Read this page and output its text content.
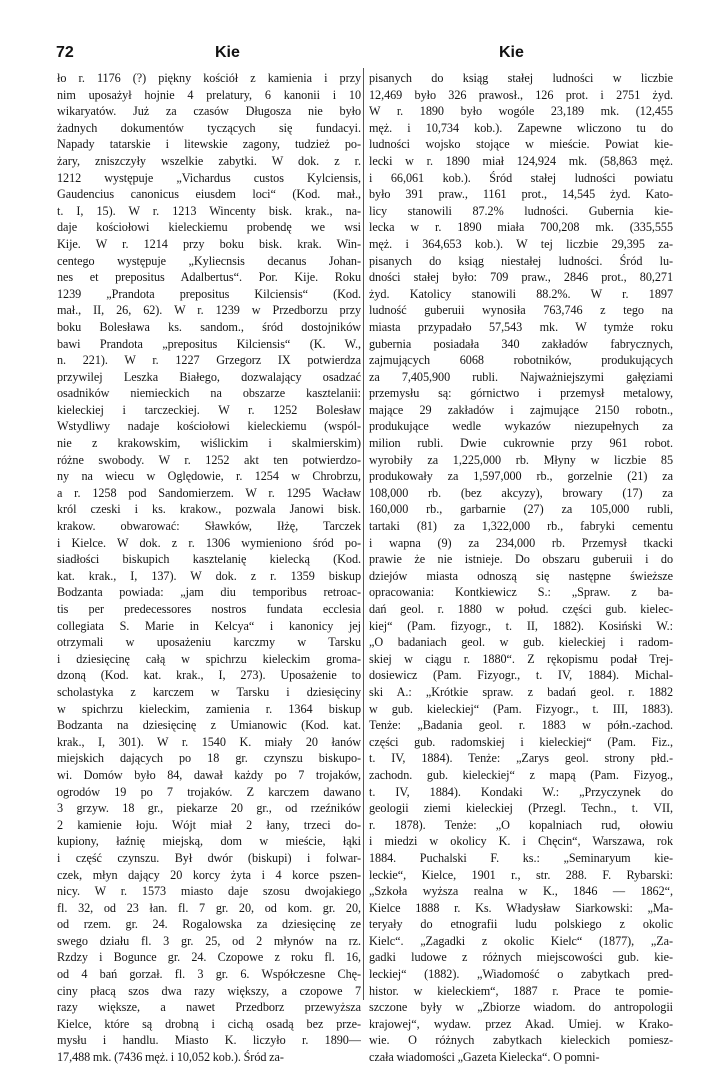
72	Kie	Kie
ło r. 1176 (?) piękny kościół z kamienia i przy
nim uposażył hojnie 4 prelatury, 6 kanonii i 10
wikaryatów. Już za czasów Długosza nie było
żadnych dokumentów tyczących się fundacyi.
Napady tatarskie i litewskie zagony, tudzież po-
żary, zniszczyły wszelkie zabytki. W dok. z r.
1212 występuje „Vichardus custos Kylciensis,
Gaudencius canonicus eiusdem loci“ (Kod. mał.,
t. I, 15). W r. 1213 Wincenty bisk. krak., na-
daje kościołowi kieleckiemu probendę we wsi
Kije. W r. 1214 przy boku bisk. krak. Win-
centego występuje „Kyliecnsis decanus Johan-
nes et prepositus Adalbertus“. Por. Kije. Roku
1239 „Prandota prepositus Kilciensis“ (Kod.
mał., II, 26, 62). W r. 1239 w Przedborzu przy
boku Bolesława ks. sandom., śród dostojników
bawi Prandota „prepositus Kilciensis“ (K. W.,
n. 221). W r. 1227 Grzegorz IX potwierdza
przywilej Leszka Białego, dozwalający osadzać
osadników niemieckich na obszarze kasztelanii:
kieleckiej i tarczeckiej. W r. 1252 Bolesław
Wstydliwy nadaje kościołowi kieleckiemu (wspól-
nie z krakowskim, wiślickim i skalmierskim)
różne swobody. W r. 1252 akt ten potwierdzo-
ny na wiecu w Oględowie, r. 1254 w Chrobrzu,
a r. 1258 pod Sandomierzem. W r. 1295 Wacław
król czeski i ks. krakow., pozwala Janowi bisk.
krakow. obwarować: Sławków, Iłżę, Tarczek
i Kielce. W dok. z r. 1306 wymieniono śród po-
siadłości biskupich kasztelanię kielecką (Kod.
kat. krak., I, 137). W dok. z r. 1359 biskup
Bodzanta powiada: „jam diu temporibus retroac-
tis per predecessores nostros fundata ecclesia
collegiata S. Marie in Kelcya“ i kanonicy jej
otrzymali w uposażeniu karczmy w Tarsku
i dziesięcinę całą w spichrzu kieleckim groma-
dzoną (Kod. kat. krak., I, 273). Uposażenie to
scholastyka z karczem w Tarsku i dziesięciny
w spichrzu kieleckim, zamienia r. 1364 biskup
Bodzanta na dziesięcinę z Umianowic (Kod. kat.
krak., I, 301). W r. 1540 K. miały 20 łanów
miejskich dających po 18 gr. czynszu biskupo-
wi. Domów było 84, dawał każdy po 7 trojaków,
ogrodów 19 po 7 trojaków. Z karczem dawano
3 grzyw. 18 gr., piekarze 20 gr., od rzeźników
2 kamienie łoju. Wójt miał 2 łany, trzeci do-
kupiony, łaźnię miejską, dom w mieście, łąki
i część czynszu. Był dwór (biskupi) i folwar-
czek, młyn dający 20 korcy żyta i 4 korce pszen-
nicy. W r. 1573 miasto daje szosu dwojakiego
fl. 32, od 23 łan. fl. 7 gr. 20, od kom. gr. 20,
od rzem. gr. 24. Rogalowska za dziesięcinę ze
swego działu fl. 3 gr. 25, od 2 młynów na rz.
Rzdzy i Bogunce gr. 24. Czopowe z roku fl. 16,
od 4 bań gorzał. fl. 3 gr. 6. Współczesne Chę-
ciny płacą szos dwa razy większy, a czopowe 7
razy większe, a nawet Przedborz przewyższa
Kielce, które są drobną i cichą osadą bez prze-
mysłu i handlu. Miasto K. liczyło r. 1890—
17,488 mk. (7436 męż. i 10,052 kob.). Śród za-
pisanych do ksiąg stałej ludności w liczbie
12,469 było 326 prawosł., 126 prot. i 2751 żyd.
W r. 1890 było wogóle 23,189 mk. (12,455
męż. i 10,734 kob.). Zapewne wliczono tu do
ludności wojsko stojące w mieście. Powiat kie-
lecki w r. 1890 miał 124,924 mk. (58,863 męż.
i 66,061 kob.). Śród stałej ludności powiatu
było 391 praw., 1161 prot., 14,545 żyd. Kato-
licy stanowili 87.2% ludności. Gubernia kie-
lecka w r. 1890 miała 700,208 mk. (335,555
męż. i 364,653 kob.). W tej liczbie 29,395 za-
pisanych do ksiąg niestałej ludności. Śród lu-
dności stałej było: 709 praw., 2846 prot., 80,271
żyd. Katolicy stanowili 88.2%. W r. 1897
ludność guberuii wynosiła 763,746 z tego na
miasta przypadało 57,543 mk. W tymże roku
gubernia posiadała 340 zakładów fabrycznych,
zajmujących 6068 robotników, produkujących
za 7,405,900 rubli. Najważniejszymi gałęziami
przemysłu są: górnictwo i przemysł metalowy,
mające 29 zakładów i zajmujące 2150 robotn.,
produkujące wedle wykazów niezupełnych za
milion rubli. Dwie cukrownie przy 961 robot.
wyrobiły za 1,225,000 rb. Młyny w liczbie 85
produkowały za 1,597,000 rb., gorzelnie (21) za
108,000 rb. (bez akcyzy), browary (17) za
160,000 rb., garbarnie (27) za 105,000 rubli,
tartaki (81) za 1,322,000 rb., fabryki cementu
i wapna (9) za 234,000 rb. Przemysł tkacki
prawie że nie istnieje. Do obszaru guberuii i do
dziejów miasta odnoszą się następne świeższe
opracowania: Kontkiewicz S.: „Spraw. z ba-
dań geol. r. 1880 w połud. części gub. kielec-
kiej“ (Pam. fizyogr., t. II, 1882). Kosiński W.:
„O badaniach geol. w gub. kieleckiej i radom-
skiej w ciągu r. 1880“. Z rękopismu podał Trej-
dosiewicz (Pam. Fizyogr., t. IV, 1884). Michal-
ski A.: „Krótkie spraw. z badań geol. r. 1882
w gub. kieleckiej“ (Pam. Fizyogr., t. III, 1883).
Tenże: „Badania geol. r. 1883 w półn.-zachod.
części gub. radomskiej i kieleckiej“ (Pam. Fiz.,
t. IV, 1884). Tenże: „Zarys geol. strony płd.-
zachodn. gub. kieleckiej“ z mapą (Pam. Fizyog.,
t. IV, 1884). Kondaki W.: „Przyczynek do
geologii ziemi kieleckiej (Przegl. Techn., t. VII,
r. 1878). Tenże: „O kopalniach rud, ołowiu
i miedzi w okolicy K. i Chęcin“, Warszawa, rok
1884. Puchalski F. ks.: „Seminaryum kie-
leckie“, Kielce, 1901 r., str. 288. F. Rybarski:
„Szkoła wyższa realna w K., 1846 — 1862“,
Kielce 1888 r. Ks. Władysław Siarkowski: „Ma-
teryały do etnografii ludu polskiego z okolic
Kielc“. „Zagadki z okolic Kielc“ (1877), „Za-
gadki ludowe z różnych miejscowości gub. kie-
leckiej“ (1882). „Wiadomość o zabytkach pred-
histor. w kieleckiem“, 1887 r. Prace te pomie-
szczone były w „Zbiorze wiadom. do antropologii
krajowej“, wydaw. przez Akad. Umiej. w Krako-
wie. O różnych zabytkach kieleckich pomiesz-
czała wiadomości „Gazeta Kielecka“. O pomni-
